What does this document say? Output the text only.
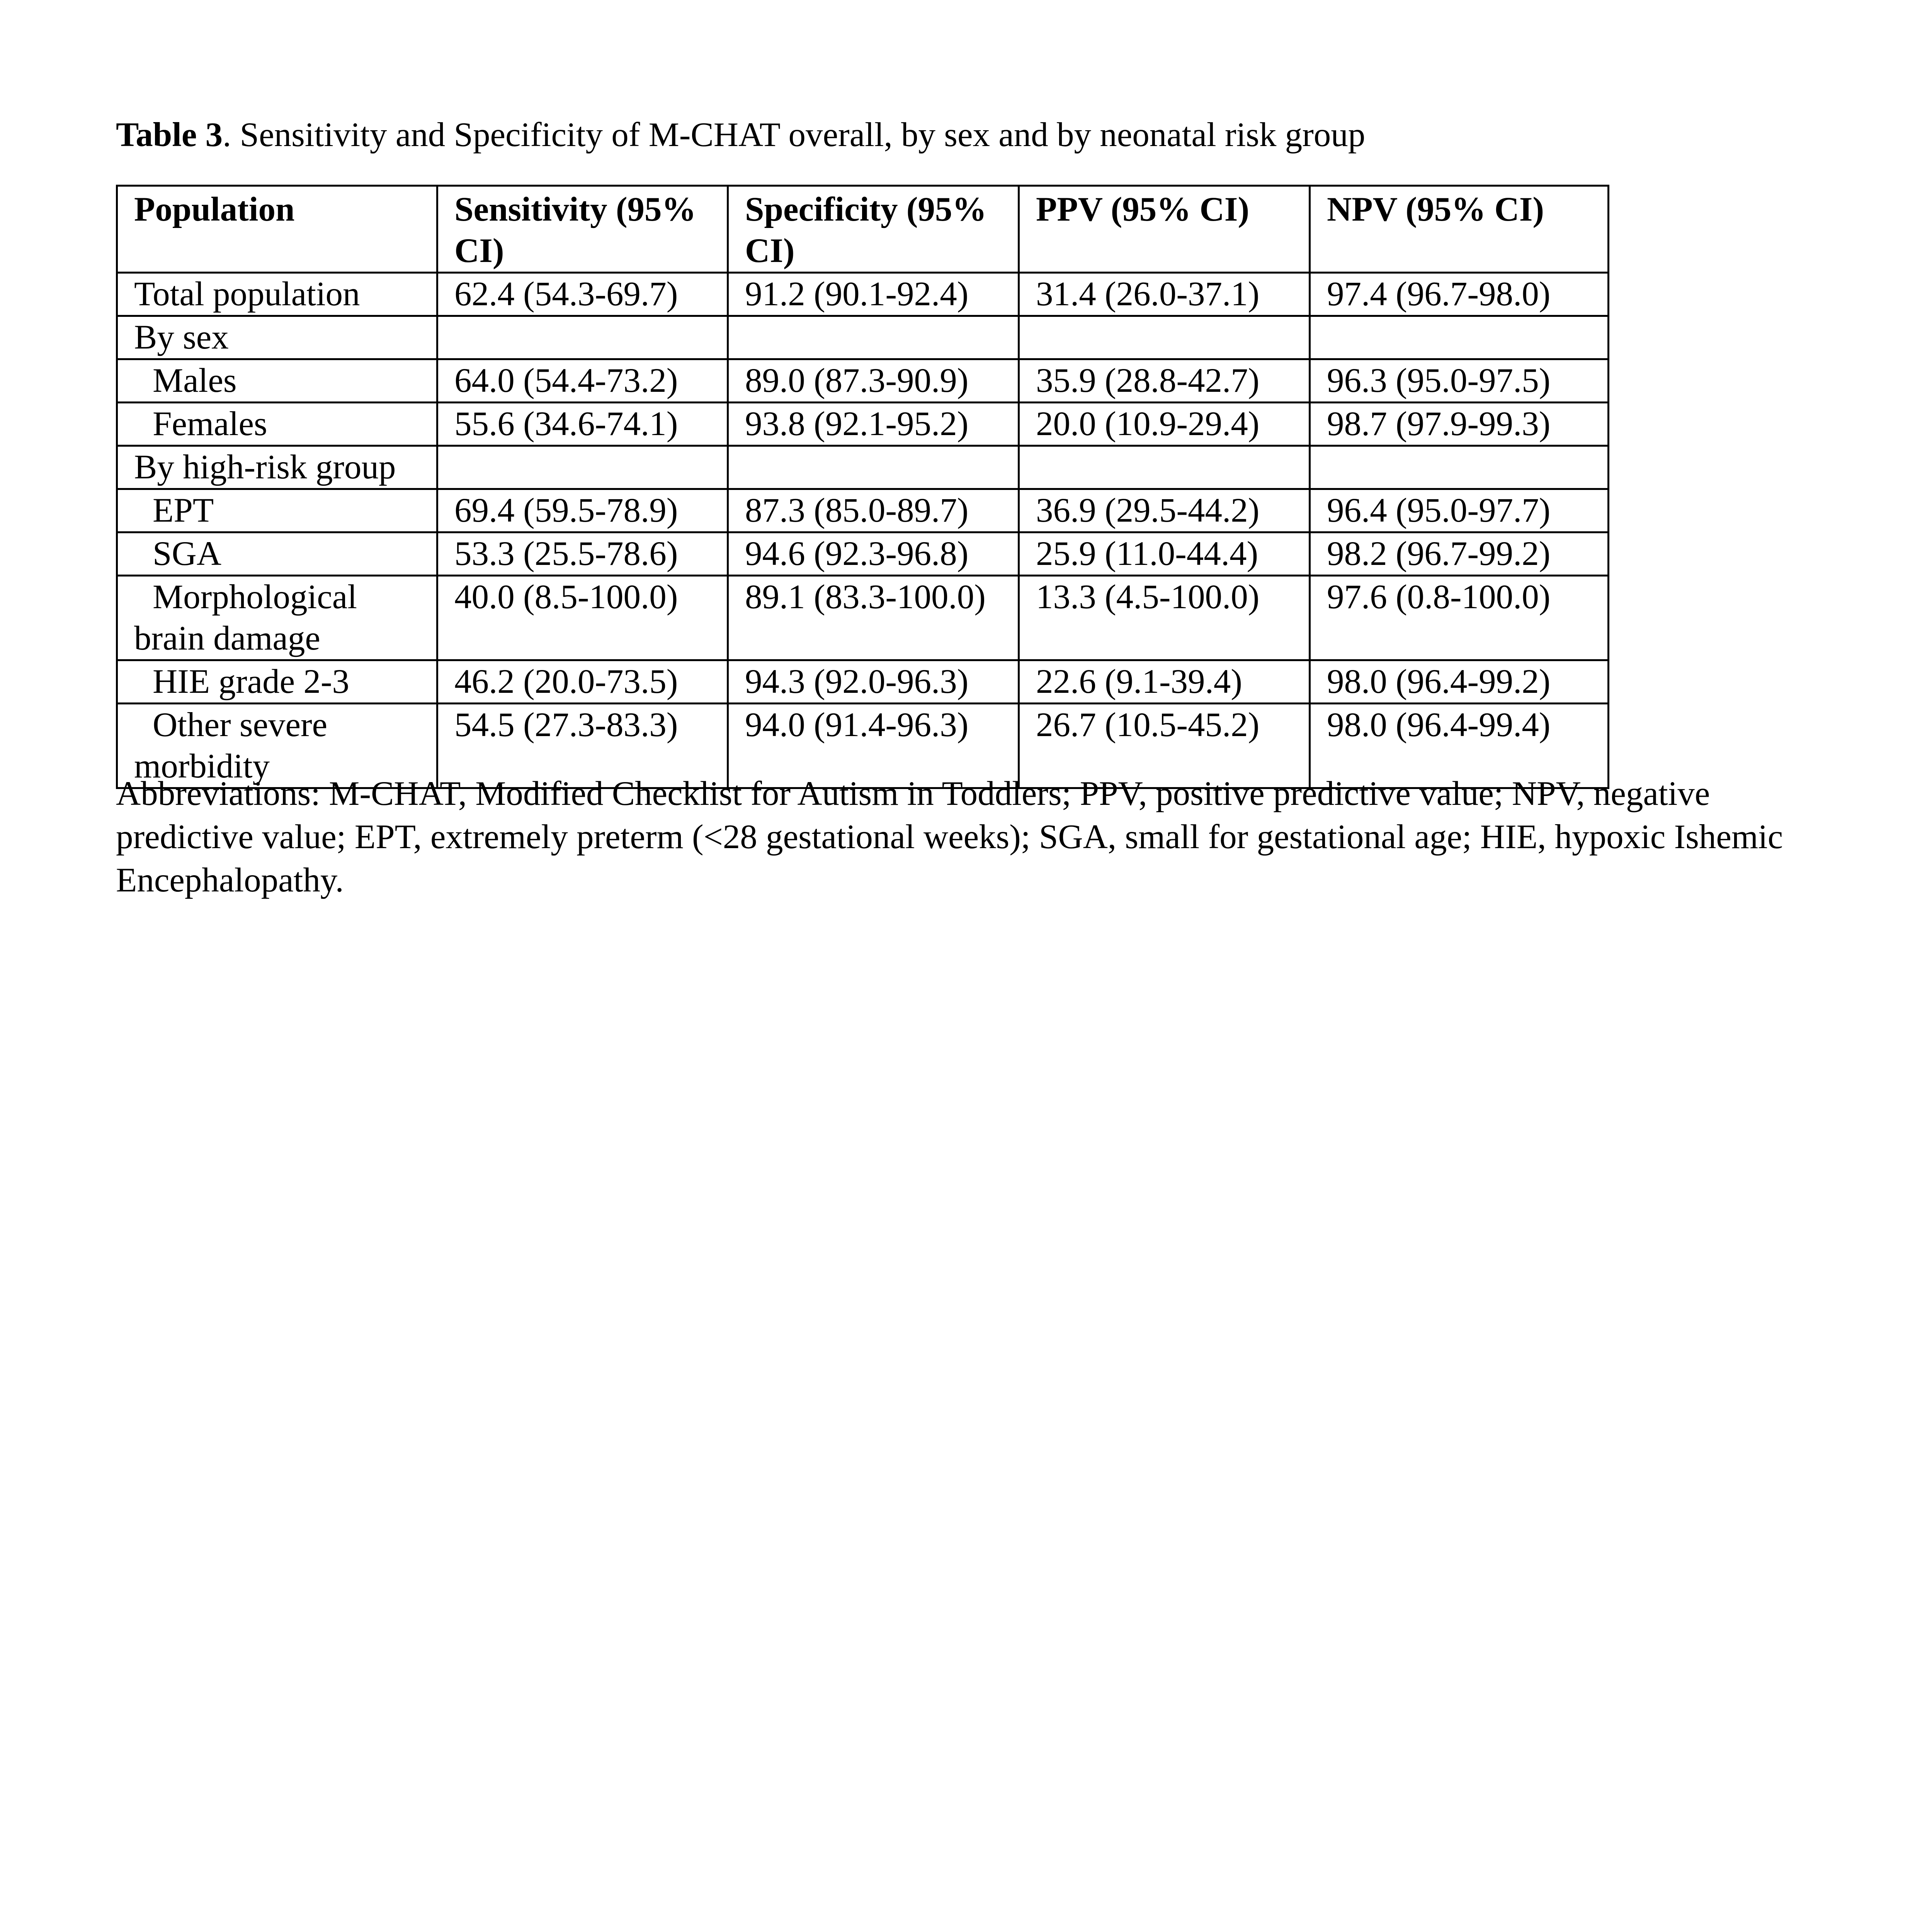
Table 3. Sensitivity and Specificity of M-CHAT overall, by sex and by neonatal risk group
Population	Sensitivity (95% CI)	Specificity (95% CI)	PPV (95% CI)	NPV (95% CI)
Total population	62.4 (54.3-69.7)	91.2 (90.1-92.4)	31.4 (26.0-37.1)	97.4 (96.7-98.0)
By sex				
Males	64.0 (54.4-73.2)	89.0 (87.3-90.9)	35.9 (28.8-42.7)	96.3 (95.0-97.5)
Females	55.6 (34.6-74.1)	93.8 (92.1-95.2)	20.0 (10.9-29.4)	98.7 (97.9-99.3)
By high-risk group				
EPT	69.4 (59.5-78.9)	87.3 (85.0-89.7)	36.9 (29.5-44.2)	96.4 (95.0-97.7)
SGA	53.3 (25.5-78.6)	94.6 (92.3-96.8)	25.9 (11.0-44.4)	98.2 (96.7-99.2)

Morphological
brain damage	40.0 (8.5-100.0)	89.1 (83.3-100.0)	13.3 (4.5-100.0)	97.6 (0.8-100.0)
HIE grade 2-3	46.2 (20.0-73.5)	94.3 (92.0-96.3)	22.6 (9.1-39.4)	98.0 (96.4-99.2)

Other severe
morbidity	54.5 (27.3-83.3)	94.0 (91.4-96.3)	26.7 (10.5-45.2)	98.0 (96.4-99.4)
Abbreviations: M-CHAT, Modified Checklist for Autism in Toddlers; PPV, positive predictive value; NPV, negative predictive value; EPT, extremely preterm (<28 gestational weeks); SGA, small for gestational age; HIE, hypoxic Ishemic Encephalopathy.
